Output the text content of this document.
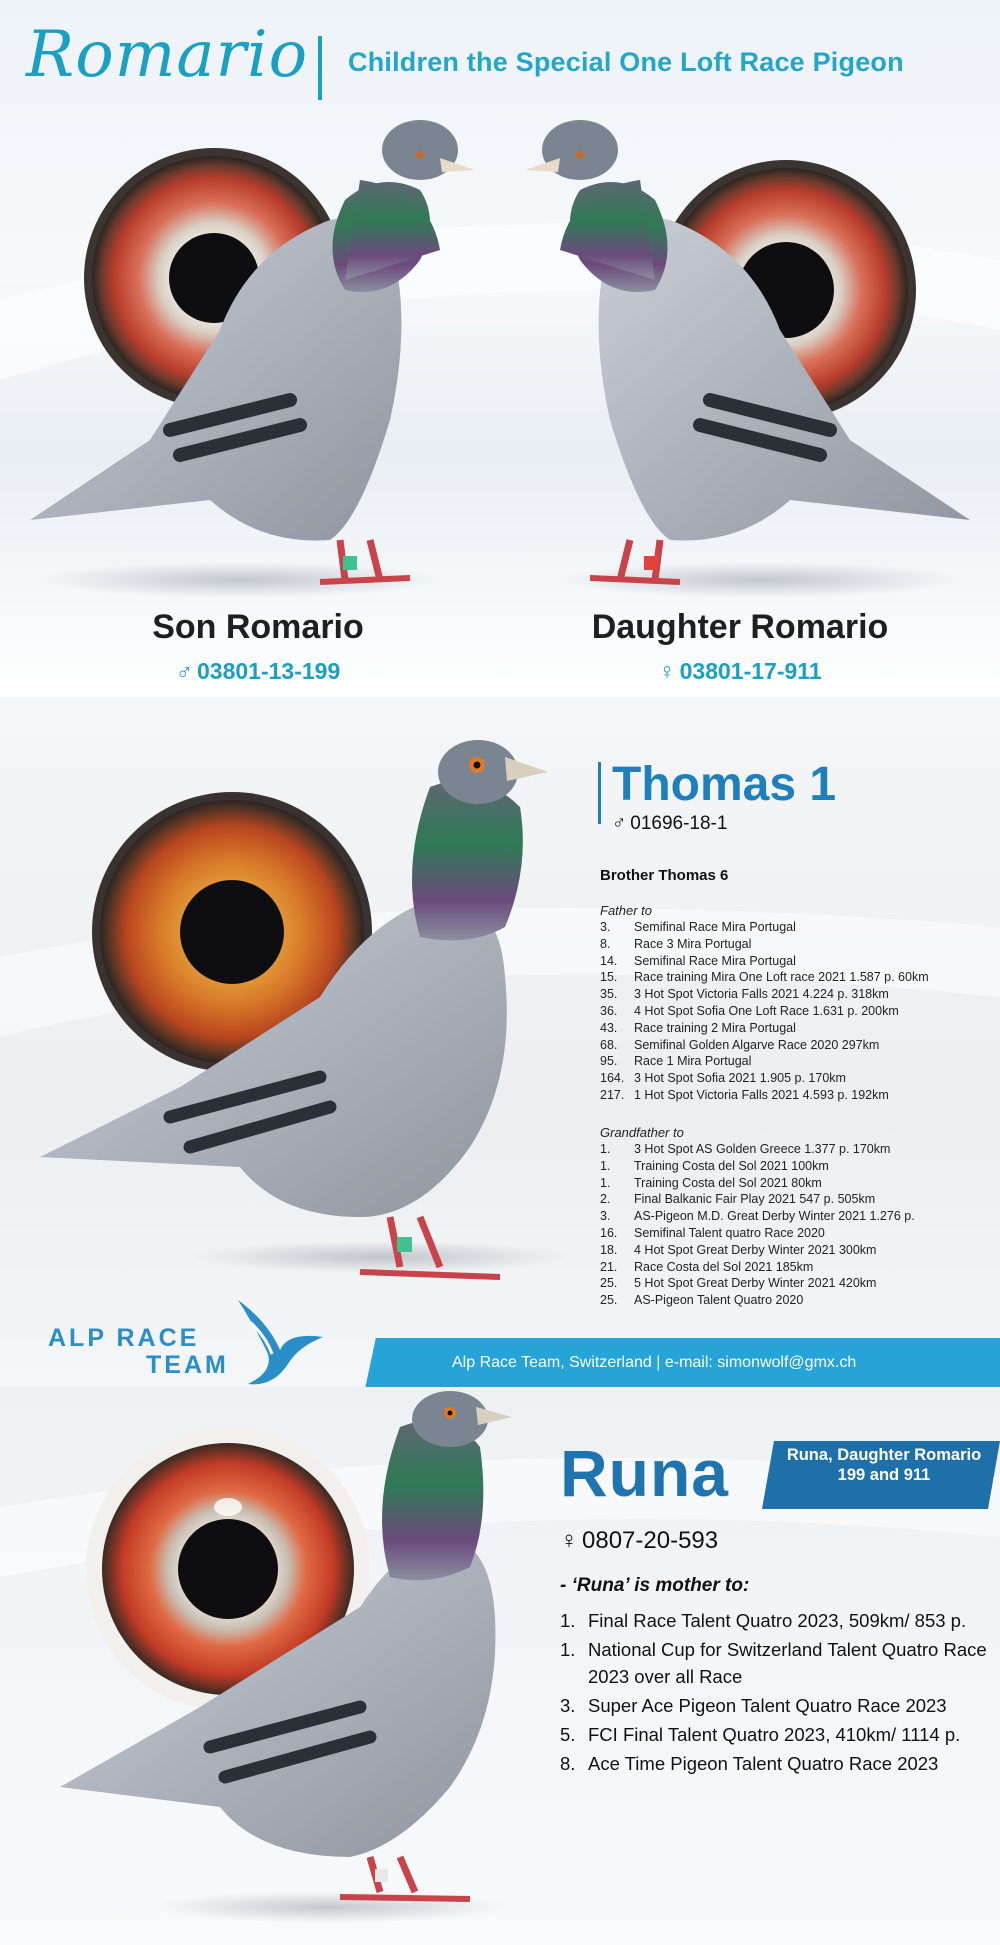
Romario Children the Special One Loft Race Pigeon
Son Romario
♂ 03801-13-199
Daughter Romario
♀ 03801-17-911
Thomas 1
♂ 01696-18-1
Brother Thomas 6
Father to
3.	Semifinal Race Mira Portugal
8.	Race 3 Mira Portugal
14.	Semifinal Race Mira Portugal
15.	Race training Mira One Loft race 2021 1.587 p. 60km
35.	3 Hot Spot Victoria Falls 2021 4.224 p. 318km
36.	4 Hot Spot Sofia One Loft Race 1.631 p. 200km
43.	Race training 2 Mira Portugal
68.	Semifinal Golden Algarve Race 2020 297km
95.	Race 1 Mira Portugal
164. 3 Hot Spot Sofia 2021 1.905 p. 170km
217. 1 Hot Spot Victoria Falls 2021 4.593 p. 192km
Grandfather to
1.	3 Hot Spot AS Golden Greece 1.377 p. 170km
1.	Training Costa del Sol 2021 100km
1.	Training Costa del Sol 2021 80km
2.	Final Balkanic Fair Play 2021 547 p. 505km
3.	AS-Pigeon M.D. Great Derby Winter 2021 1.276 p.
16.	Semifinal Talent quatro Race 2020
18.	4 Hot Spot Great Derby Winter 2021 300km
21.	Race Costa del Sol 2021 185km
25.	5 Hot Spot Great Derby Winter 2021 420km
25.	AS-Pigeon Talent Quatro 2020
ALP RACE
TEAM	Alp Race Team, Switzerland | e-mail: simonwolf@gmx.ch
Runa	Runa, Daughter Romario 199 and 911
♀ 0807-20-593
- ‘Runa’ is mother to:
1. Final Race Talent Quatro 2023, 509km/ 853 p.
1. National Cup for Switzerland Talent Quatro Race 2023 over all Race
3. Super Ace Pigeon Talent Quatro Race 2023
5. FCI Final Talent Quatro 2023, 410km/ 1114 p.
8. Ace Time Pigeon Talent Quatro Race 2023
